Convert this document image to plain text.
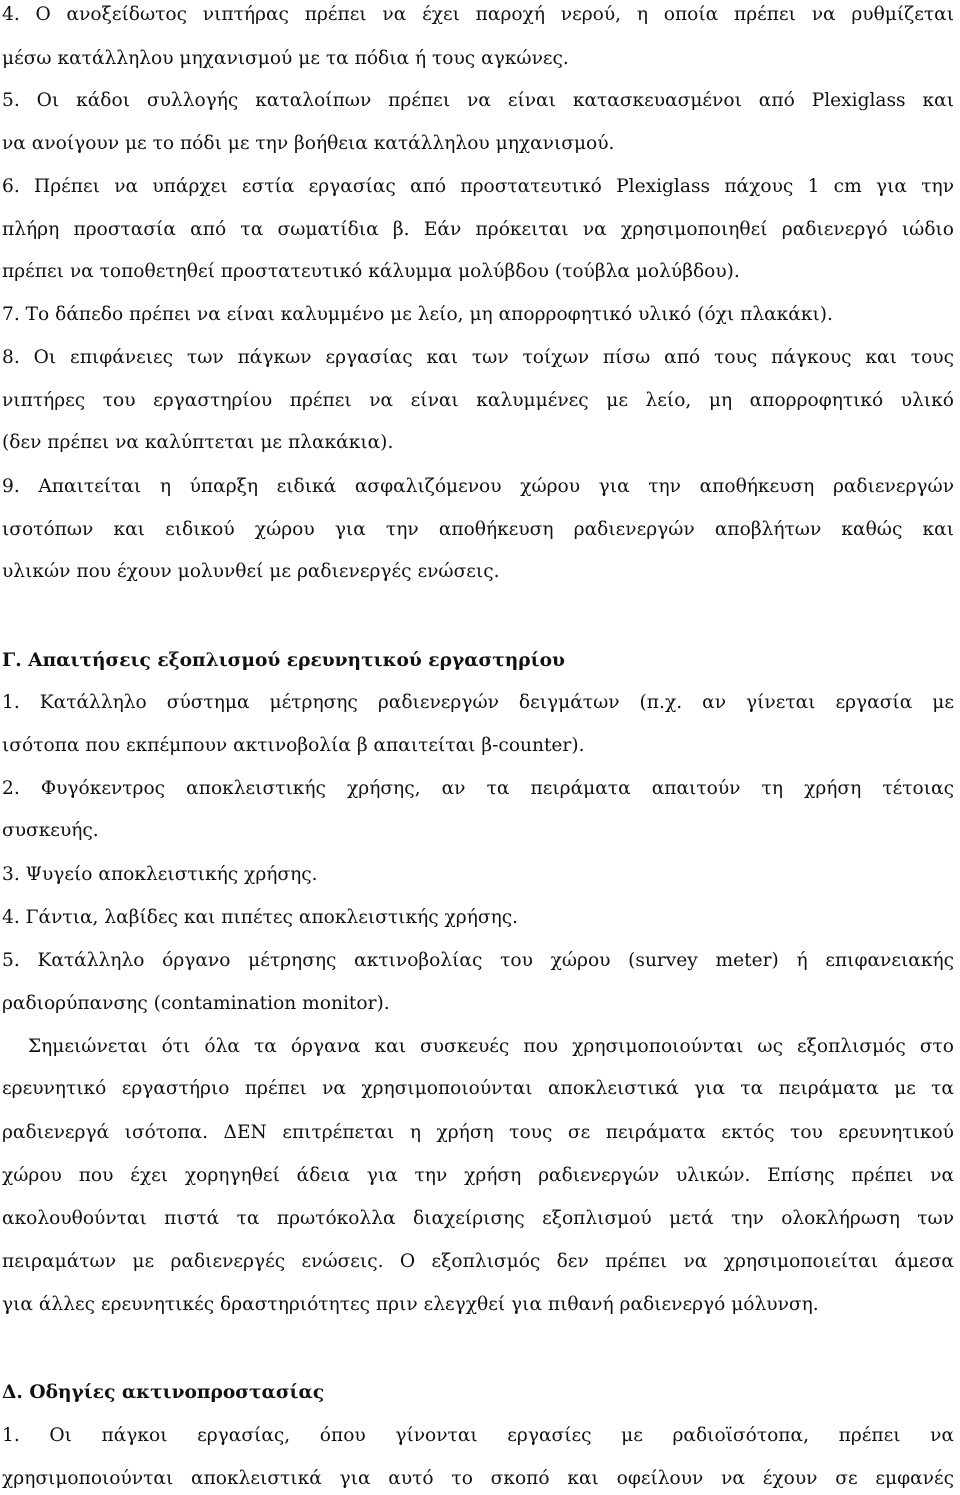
4. Ο ανοξείδωτος νιπτήρας πρέπει να έχει παροχή νερού, η οποία πρέπει να ρυθμίζεται
μέσω κατάλληλου μηχανισμού με τα πόδια ή τους αγκώνες.
5. Οι κάδοι συλλογής καταλοίπων πρέπει να είναι κατασκευασμένοι από Plexiglass και
να ανοίγουν με το πόδι με την βοήθεια κατάλληλου μηχανισμού.
6. Πρέπει να υπάρχει εστία εργασίας από προστατευτικό Plexiglass πάχους 1 cm για την
πλήρη προστασία από τα σωματίδια β. Εάν πρόκειται να χρησιμοποιηθεί ραδιενεργό ιώδιο
πρέπει να τοποθετηθεί προστατευτικό κάλυμμα μολύβδου (τούβλα μολύβδου).
7. Το δάπεδο πρέπει να είναι καλυμμένο με λείο, μη απορροφητικό υλικό (όχι πλακάκι).
8. Οι επιφάνειες των πάγκων εργασίας και των τοίχων πίσω από τους πάγκους και τους
νιπτήρες του εργαστηρίου πρέπει να είναι καλυμμένες με λείο, μη απορροφητικό υλικό
(δεν πρέπει να καλύπτεται με πλακάκια).
9. Απαιτείται η ύπαρξη ειδικά ασφαλιζόμενου χώρου για την αποθήκευση ραδιενεργών
ισοτόπων και ειδικού χώρου για την αποθήκευση ραδιενεργών αποβλήτων καθώς και
υλικών που έχουν μολυνθεί με ραδιενεργές ενώσεις.
Γ. Απαιτήσεις εξοπλισμού ερευνητικού εργαστηρίου
1. Κατάλληλο σύστημα μέτρησης ραδιενεργών δειγμάτων (π.χ. αν γίνεται εργασία με
ισότοπα που εκπέμπουν ακτινοβολία β απαιτείται β-counter).
2. Φυγόκεντρος αποκλειστικής χρήσης, αν τα πειράματα απαιτούν τη χρήση τέτοιας
συσκευής.
3. Ψυγείο αποκλειστικής χρήσης.
4. Γάντια, λαβίδες και πιπέτες αποκλειστικής χρήσης.
5. Κατάλληλο όργανο μέτρησης ακτινοβολίας του χώρου (survey meter) ή επιφανειακής
ραδιορύπανσης (contamination monitor).
Σημειώνεται ότι όλα τα όργανα και συσκευές που χρησιμοποιούνται ως εξοπλισμός στο
ερευνητικό εργαστήριο πρέπει να χρησιμοποιούνται αποκλειστικά για τα πειράματα με τα
ραδιενεργά ισότοπα. ΔΕΝ επιτρέπεται η χρήση τους σε πειράματα εκτός του ερευνητικού
χώρου που έχει χορηγηθεί άδεια για την χρήση ραδιενεργών υλικών. Επίσης πρέπει να
ακολουθούνται πιστά τα πρωτόκολλα διαχείρισης εξοπλισμού μετά την ολοκλήρωση των
πειραμάτων με ραδιενεργές ενώσεις. Ο εξοπλισμός δεν πρέπει να χρησιμοποιείται άμεσα
για άλλες ερευνητικές δραστηριότητες πριν ελεγχθεί για πιθανή ραδιενεργό μόλυνση.
Δ. Οδηγίες ακτινοπροστασίας
1. Οι πάγκοι εργασίας, όπου γίνονται εργασίες με ραδιοϊσότοπα, πρέπει να
χρησιμοποιούνται αποκλειστικά για αυτό το σκοπό και οφείλουν να έχουν σε εμφανές
